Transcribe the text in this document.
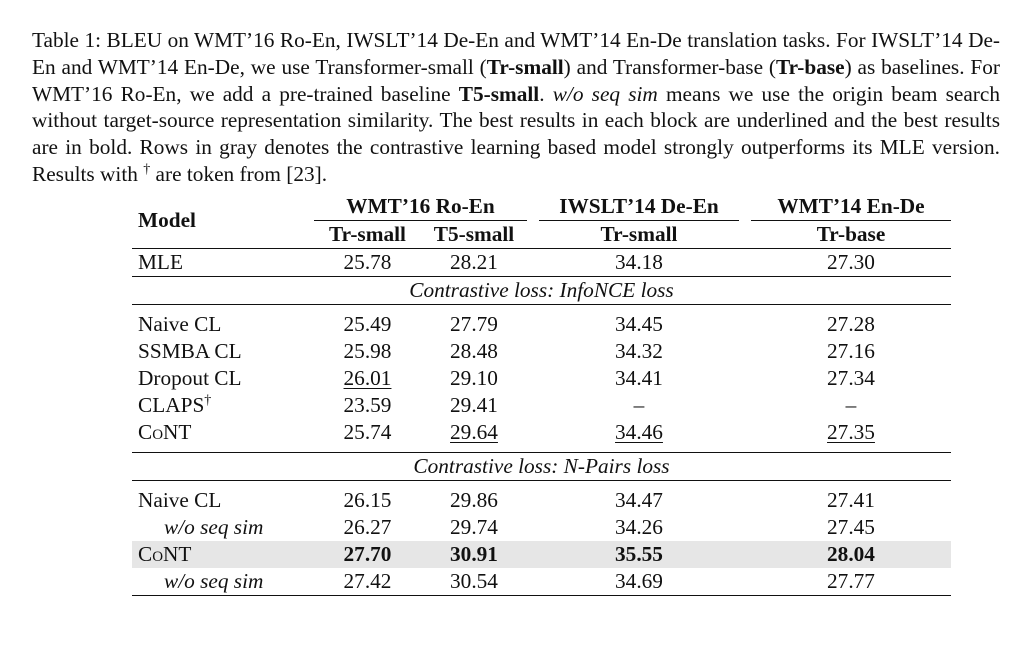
Table 1: BLEU on WMT’16 Ro-En, IWSLT’14 De-En and WMT’14 En-De translation tasks. For IWSLT’14 De-En and WMT’14 En-De, we use Transformer-small (Tr-small) and Transformer-base (Tr-base) as baselines. For WMT’16 Ro-En, we add a pre-trained baseline T5-small. w/o seq sim means we use the origin beam search without target-source representation similarity. The best results in each block are underlined and the best results are in bold. Rows in gray denotes the contrastive learning based model strongly outperforms its MLE version. Results with † are token from [23].
Model	WMT’16 Ro-En			IWSLT’14 De-En		WMT’14 En-De
	Tr-small	T5-small		Tr-small		Tr-base
MLE	25.78	28.21		34.18		27.30
Contrastive loss: InfoNCE loss						
Naive CL	25.49	27.79		34.45		27.28
SSMBA CL	25.98	28.48		34.32		27.16
Dropout CL	26.01	29.10		34.41		27.34
CLAPS†	23.59	29.41		–		–
CoNT	25.74	29.64		34.46		27.35
Contrastive loss: N-Pairs loss						
Naive CL	26.15	29.86		34.47		27.41
w/o seq sim	26.27	29.74		34.26		27.45
CoNT	27.70	30.91		35.55		28.04
w/o seq sim	27.42	30.54		34.69		27.77
